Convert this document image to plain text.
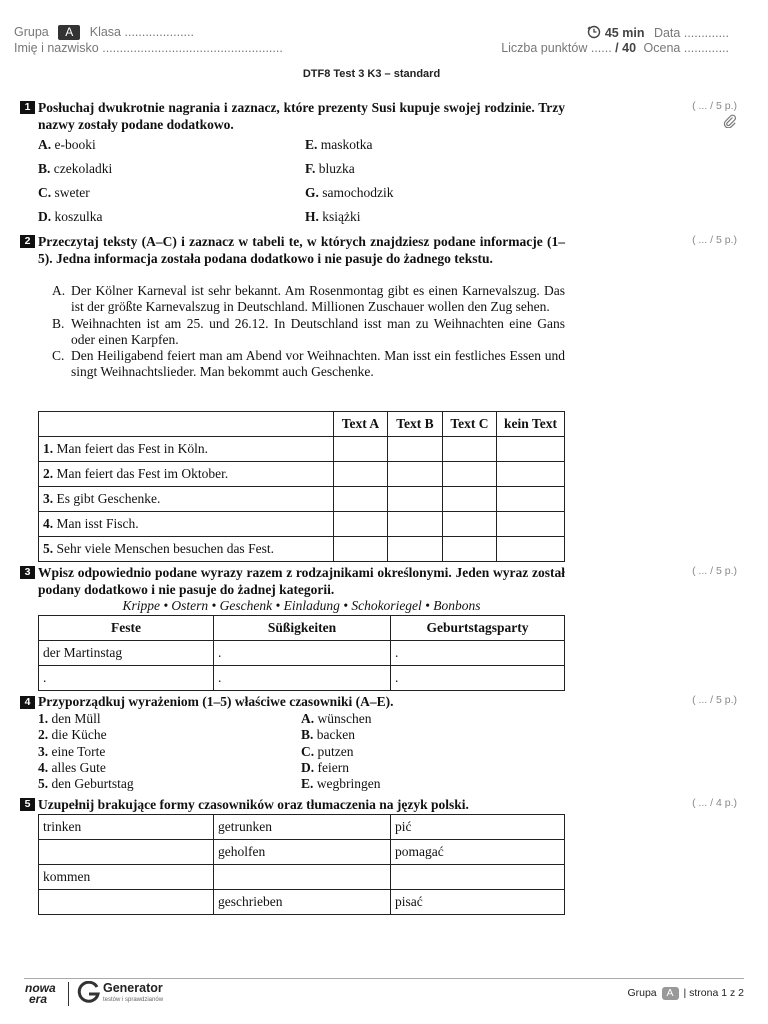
Grupa A Klasa ....................
Imię i nazwisko ....................................................
45 min Data .............
Liczba punktów ...... / 40 Ocena .............
DTF8 Test 3 K3 – standard
1 Posłuchaj dwukrotnie nagrania i zaznacz, które prezenty Susi kupuje swojej rodzinie. Trzy nazwy zostały podane dodatkowo.
( ... / 5 p.)
A. e-booki
B. czekoladki
C. sweter
D. koszulka
E. maskotka
F. bluzka
G. samochodzik
H. książki
2 Przeczytaj teksty (A–C) i zaznacz w tabeli te, w których znajdziesz podane informacje (1–5). Jedna informacja została podana dodatkowo i nie pasuje do żadnego tekstu.
( ... / 5 p.)
A. Der Kölner Karneval ist sehr bekannt. Am Rosenmontag gibt es einen Karnevalszug. Das ist der größte Karnevalszug in Deutschland. Millionen Zuschauer wollen den Zug sehen.
B. Weihnachten ist am 25. und 26.12. In Deutschland isst man zu Weihnachten eine Gans oder einen Karpfen.
C. Den Heiligabend feiert man am Abend vor Weihnachten. Man isst ein festliches Essen und singt Weihnachtslieder. Man bekommt auch Geschenke.
	Text A	Text B	Text C	kein Text
1. Man feiert das Fest in Köln.				
2. Man feiert das Fest im Oktober.				
3. Es gibt Geschenke.				
4. Man isst Fisch.				
5. Sehr viele Menschen besuchen das Fest.				
3 Wpisz odpowiednio podane wyrazy razem z rodzajnikami określonymi. Jeden wyraz został podany dodatkowo i nie pasuje do żadnej kategorii.
( ... / 5 p.)
Krippe • Ostern • Geschenk • Einladung • Schokoriegel • Bonbons
Feste	Süßigkeiten	Geburtstagsparty
der Martinstag	.	.
.	.	.
4 Przyporządkuj wyrażeniom (1–5) właściwe czasowniki (A–E).	( ... / 5 p.)
1. den Müll
2. die Küche
3. eine Torte
4. alles Gute
5. den Geburtstag
A. wünschen
B. backen
C. putzen
D. feiern
E. wegbringen
5 Uzupełnij brakujące formy czasowników oraz tłumaczenia na język polski.	( ... / 4 p.)
trinken	getrunken	pić
	geholfen	pomagać
kommen		
	geschrieben	pisać
nowa
era
Generator
testów i sprawdzianów
Grupa A | strona 1 z 2
